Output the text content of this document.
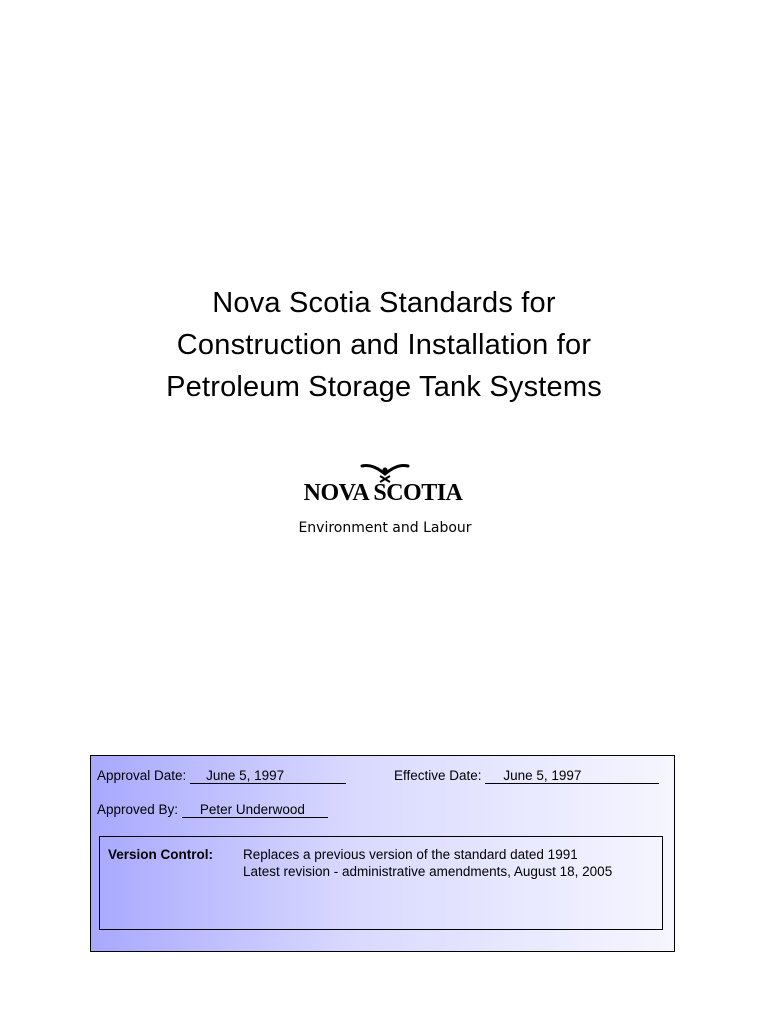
Nova Scotia Standards for
Construction and Installation for
Petroleum Storage Tank Systems
NOVA SCOTIA
Environment and Labour
Approval Date: June 5, 1997	Effective Date: June 5, 1997
Approved By: Peter Underwood
Version Control: Replaces a previous version of the standard dated 1991
Latest revision - administrative amendments, August 18, 2005
